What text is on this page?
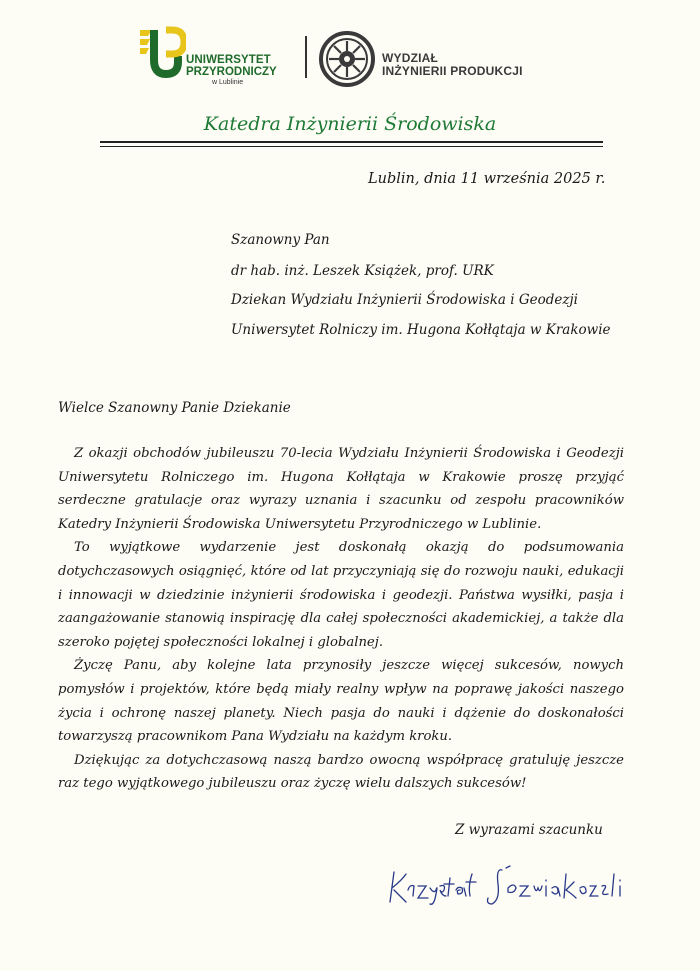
UNIWERSYTET
PRZYRODNICZY
w Lublinie
WYDZIAŁ
INŻYNIERII PRODUKCJI
Katedra Inżynierii Środowiska
Lublin, dnia 11 września 2025 r.
Szanowny Pan
dr hab. inż. Leszek Książek, prof. URK
Dziekan Wydziału Inżynierii Środowiska i Geodezji
Uniwersytet Rolniczy im. Hugona Kołłątaja w Krakowie
Wielce Szanowny Panie Dziekanie

Z okazji obchodów jubileuszu 70-lecia Wydziału Inżynierii Środowiska i Geodezji Uniwersytetu Rolniczego im. Hugona Kołłątaja w Krakowie proszę przyjąć serdeczne gratulacje oraz wyrazy uznania i szacunku od zespołu pracowników Katedry Inżynierii Środowiska Uniwersytetu Przyrodniczego w Lublinie.

To wyjątkowe wydarzenie jest doskonałą okazją do podsumowania dotychczasowych osiągnięć, które od lat przyczyniają się do rozwoju nauki, edukacji i innowacji w dziedzinie inżynierii środowiska i geodezji. Państwa wysiłki, pasja i zaangażowanie stanowią inspirację dla całej społeczności akademickiej, a także dla szeroko pojętej społeczności lokalnej i globalnej.

Życzę Panu, aby kolejne lata przynosiły jeszcze więcej sukcesów, nowych pomysłów i projektów, które będą miały realny wpływ na poprawę jakości naszego życia i ochronę naszej planety. Niech pasja do nauki i dążenie do doskonałości towarzyszą pracownikom Pana Wydziału na każdym kroku.

Dziękując za dotychczasową naszą bardzo owocną współpracę gratuluję jeszcze raz tego wyjątkowego jubileuszu oraz życzę wielu dalszych sukcesów!

Z wyrazami szacunku
